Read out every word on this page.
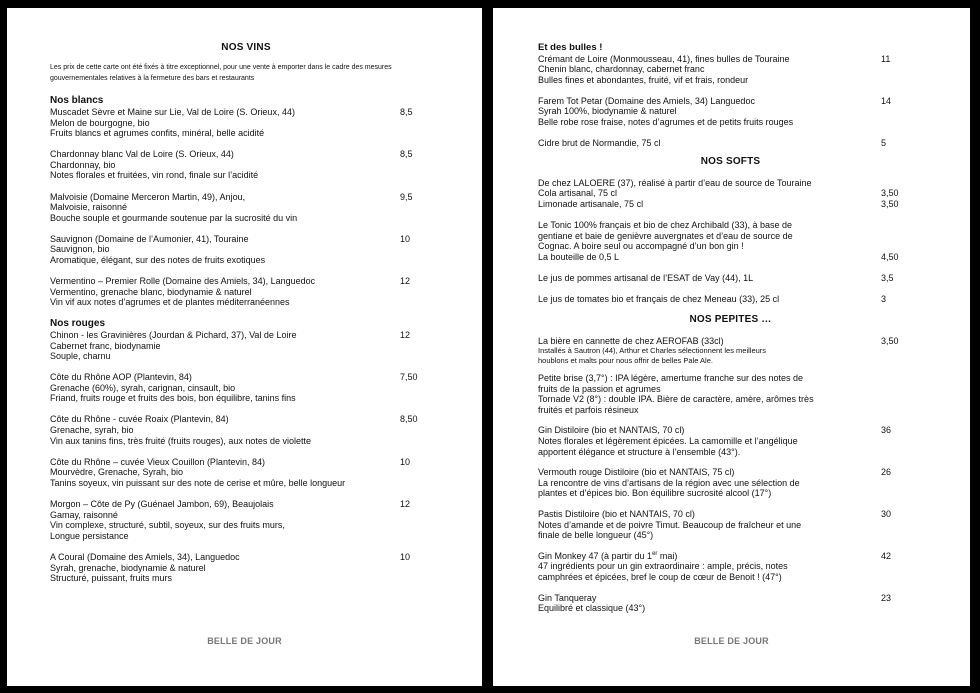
NOS VINS
Les prix de cette carte ont été fixés à titre exceptionnel, pour une vente à emporter dans le cadre des mesures gouvernementales relatives à la fermeture des bars et restaurants
Nos blancs
Muscadet Sèvre et Maine sur Lie, Val de Loire (S. Orieux, 44)	8,5
Melon de bourgogne, bio
Fruits blancs et agrumes confits, minéral, belle acidité
Chardonnay blanc Val de Loire (S. Orieux, 44)	8,5
Chardonnay, bio
Notes florales et fruitées, vin rond, finale sur l’acidité
Malvoisie (Domaine Merceron Martin, 49), Anjou,	9,5
Malvoisie, raisonné
Bouche souple et gourmande soutenue par la sucrosité du vin
Sauvignon (Domaine de l’Aumonier, 41), Touraine	10
Sauvignon, bio
Aromatique, élégant, sur des notes de fruits exotiques
Vermentino – Premier Rolle (Domaine des Amiels, 34), Languedoc	12
Vermentino, grenache blanc, biodynamie & naturel
Vin vif aux notes d’agrumes et de plantes méditerranéennes
Nos rouges
Chinon - les Gravinières (Jourdan & Pichard, 37), Val de Loire	12
Cabernet franc, biodynamie
Souple, charnu
Côte du Rhône AOP (Plantevin, 84)	7,50
Grenache (60%), syrah, carignan, cinsault, bio
Friand, fruits rouge et fruits des bois, bon équilibre, tanins fins
Côte du Rhône - cuvée Roaix (Plantevin, 84)	8,50
Grenache, syrah, bio
Vin aux tanins fins, très fruité (fruits rouges), aux notes de violette
Côte du Rhône – cuvée Vieux Couillon (Plantevin, 84)	10
Mourvèdre, Grenache, Syrah, bio
Tanins soyeux, vin puissant sur des note de cerise et mûre, belle longueur
Morgon – Côte de Py (Guénael Jambon, 69), Beaujolais	12
Gamay, raisonné
Vin complexe, structuré, subtil, soyeux, sur des fruits murs,
Longue persistance
A Coural (Domaine des Amiels, 34), Languedoc	10
Syrah, grenache, biodynamie & naturel
Structuré, puissant, fruits murs
BELLE DE JOUR
Et des bulles !
Crémant de Loire (Monmousseau, 41), fines bulles de Touraine	11
Chenin blanc, chardonnay, cabernet franc
Bulles fines et abondantes, fruité, vif et frais, rondeur
Farem Tot Petar (Domaine des Amiels, 34) Languedoc	14
Syrah 100%, biodynamie & naturel
Belle robe rose fraise, notes d’agrumes et de petits fruits rouges
Cidre brut de Normandie, 75 cl	5
NOS SOFTS
De chez LALOERE (37), réalisé à partir d’eau de source de Touraine
Cola artisanal, 75 cl	3,50
Limonade artisanale, 75 cl	3,50
Le Tonic 100% français et bio de chez Archibald (33), à base de
gentiane et baie de genièvre auvergnates et d’eau de source de
Cognac. A boire seul ou accompagné d’un bon gin !
La bouteille de 0,5 L	4,50
Le jus de pommes artisanal de l’ESAT de Vay (44), 1L	3,5
Le jus de tomates bio et français de chez Meneau (33), 25 cl	3
NOS PEPITES …
La bière en cannette de chez AEROFAB (33cl)	3,50
Installés à Sautron (44), Arthur et Charles sélectionnent les meilleurs
houblons et malts pour nous offrir de belles Pale Ale.
Petite brise (3,7°) : IPA légère, amertume franche sur des notes de
fruits de la passion et agrumes
Tornade V2 (8°) : double IPA. Bière de caractère, amère, arômes très
fruités et parfois résineux
Gin Distiloire (bio et NANTAIS, 70 cl)	36
Notes florales et légèrement épicées. La camomille et l’angélique
apportent élégance et structure à l’ensemble (43°).
Vermouth rouge Distiloire (bio et NANTAIS, 75 cl)	26
La rencontre de vins d’artisans de la région avec une sélection de
plantes et d’épices bio. Bon équilibre sucrosité alcool (17°)
Pastis Distiloire (bio et NANTAIS, 70 cl)	30
Notes d’amande et de poivre Timut. Beaucoup de fraîcheur et une
finale de belle longueur (45°)
Gin Monkey 47 (à partir du 1er mai)	42
47 ingrédients pour un gin extraordinaire : ample, précis, notes
camphrées et épicées, bref le coup de cœur de Benoit ! (47°)
Gin Tanqueray	23
Equilibré et classique (43°)
BELLE DE JOUR
